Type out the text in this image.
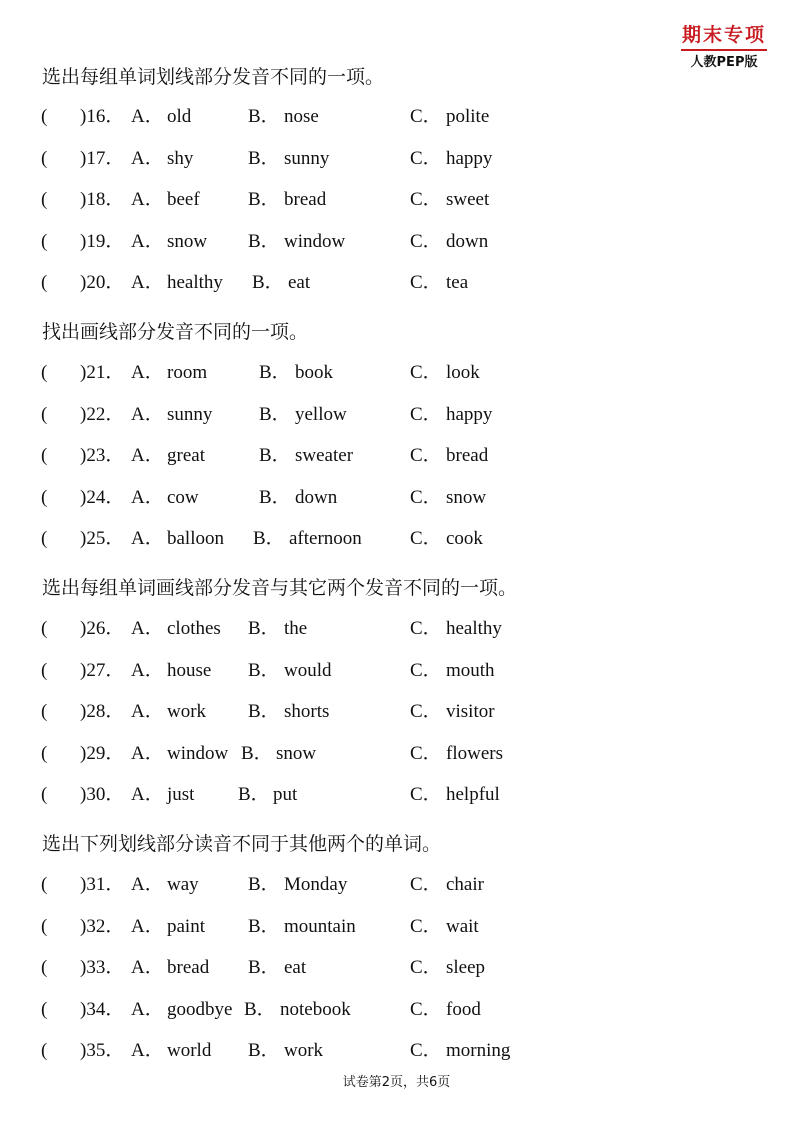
期末专项
人教PEP版
选出每组单词划线部分发音不同的一项。
( )16． A． old	B． nose	C． polite
( )17． A． shy	B． sunny	C． happy
( )18． A． beef	B． bread	C． sweet
( )19． A． snow B． window	C． down
( )20． A． healthy B． eat	C． tea
找出画线部分发音不同的一项。
( )21． A． room	B． book	C． look
( )22． A． sunny B． yellow	C． happy
( )23． A． great	B． sweater	C． bread
( )24． A． cow	B． down	C． snow
( )25． A． balloon B． afternoon	C． cook
选出每组单词画线部分发音与其它两个发音不同的一项。
( )26． A． clothes B． the	C． healthy
( )27． A． house B． would	C． mouth
( )28． A． work B． shorts	C． visitor
( )29． A． window B． snow	C． flowers
( )30． A． just B． put	C． helpful
选出下列划线部分读音不同于其他两个的单词。
( )31． A． way	B． Monday	C． chair
( )32． A． paint B． mountain	C． wait
( )33． A． bread B． eat	C． sleep
( )34． A． goodbye B． notebook	C． food
( )35． A． world B． work	C． morning
试卷第2页，共6页
